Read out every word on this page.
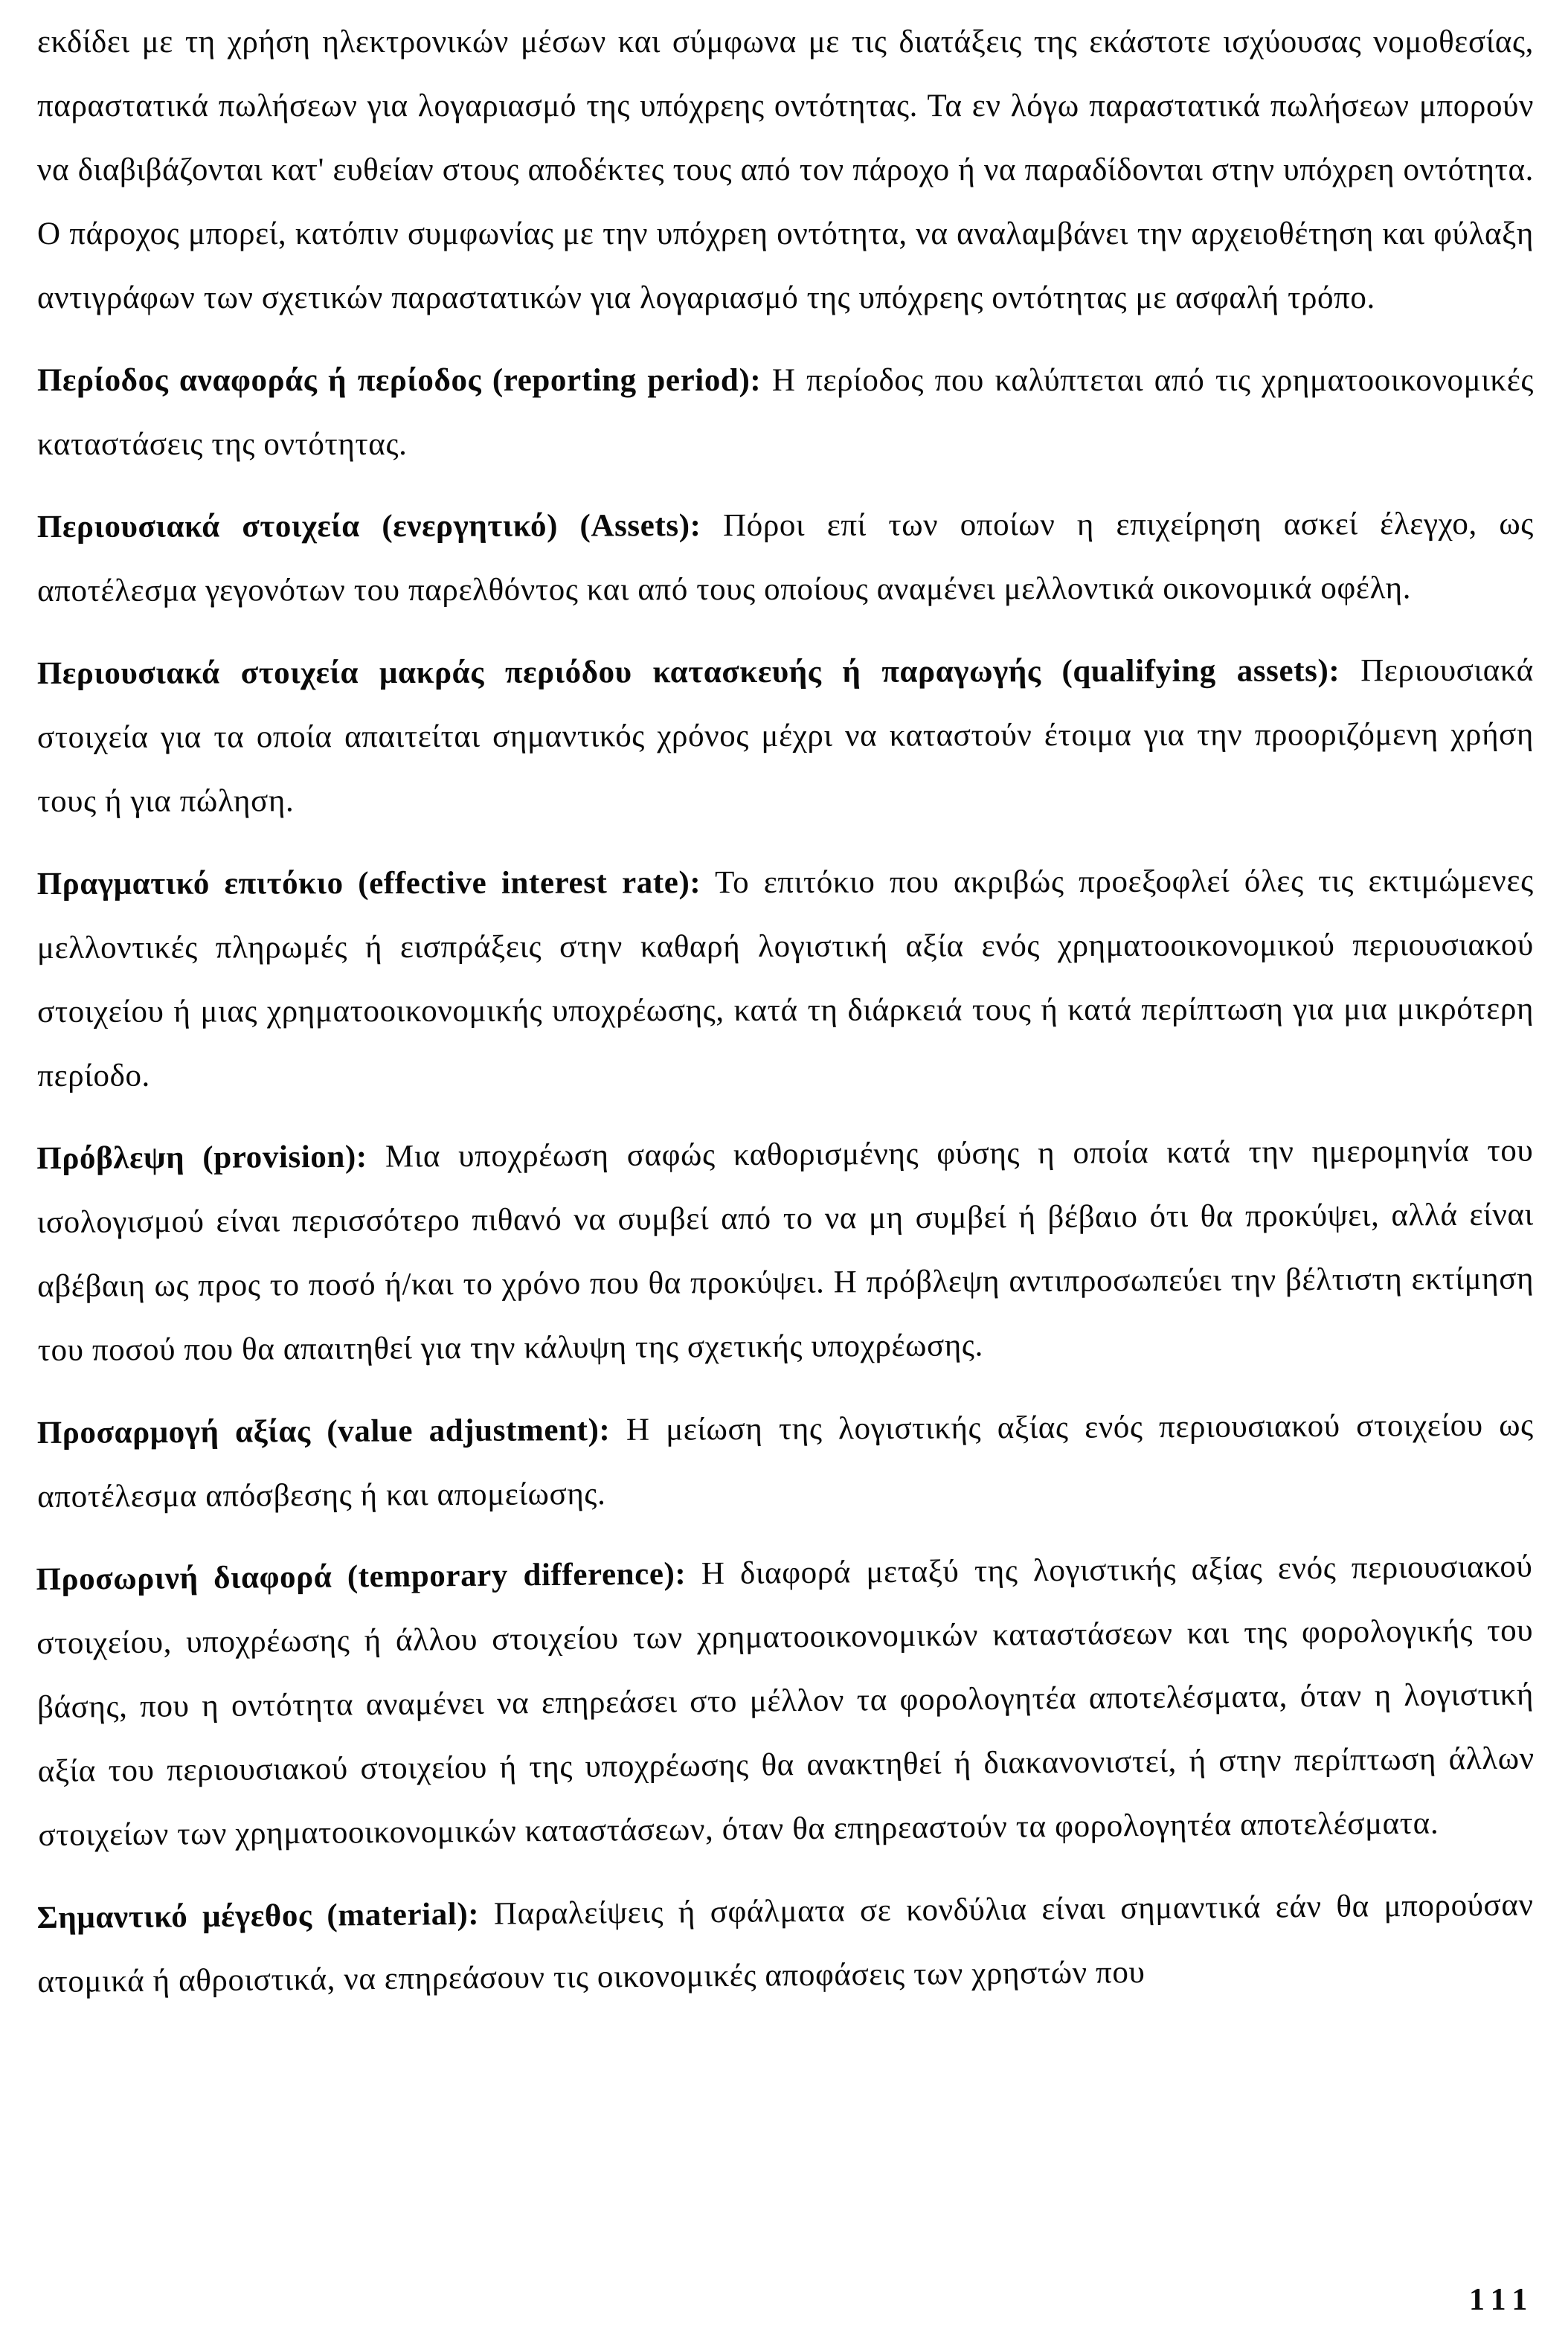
εκδίδει με τη χρήση ηλεκτρονικών μέσων και σύμφωνα με τις διατάξεις της εκάστοτε ισχύουσας νομοθεσίας, παραστατικά πωλήσεων για λογαριασμό της υπόχρεης οντότητας. Τα εν λόγω παραστατικά πωλήσεων μπορούν να διαβιβάζονται κατ' ευθείαν στους αποδέκτες τους από τον πάροχο ή να παραδίδονται στην υπόχρεη οντότητα. Ο πάροχος μπορεί, κατόπιν συμφωνίας με την υπόχρεη οντότητα, να αναλαμβάνει την αρχειοθέτηση και φύλαξη αντιγράφων των σχετικών παραστατικών για λογαριασμό της υπόχρεης οντότητας με ασφαλή τρόπο.

Περίοδος αναφοράς ή περίοδος (reporting period): Η περίοδος που καλύπτεται από τις χρηματοοικονομικές καταστάσεις της οντότητας.

Περιουσιακά στοιχεία (ενεργητικό) (Assets): Πόροι επί των οποίων η επιχείρηση ασκεί έλεγχο, ως αποτέλεσμα γεγονότων του παρελθόντος και από τους οποίους αναμένει μελλοντικά οικονομικά οφέλη.

Περιουσιακά στοιχεία μακράς περιόδου κατασκευής ή παραγωγής (qualifying assets): Περιουσιακά στοιχεία για τα οποία απαιτείται σημαντικός χρόνος μέχρι να καταστούν έτοιμα για την προοριζόμενη χρήση τους ή για πώληση.

Πραγματικό επιτόκιο (effective interest rate): Το επιτόκιο που ακριβώς προεξοφλεί όλες τις εκτιμώμενες μελλοντικές πληρωμές ή εισπράξεις στην καθαρή λογιστική αξία ενός χρηματοοικονομικού περιουσιακού στοιχείου ή μιας χρηματοοικονομικής υποχρέωσης, κατά τη διάρκειά τους ή κατά περίπτωση για μια μικρότερη περίοδο.

Πρόβλεψη (provision): Μια υποχρέωση σαφώς καθορισμένης φύσης η οποία κατά την ημερομηνία του ισολογισμού είναι περισσότερο πιθανό να συμβεί από το να μη συμβεί ή βέβαιο ότι θα προκύψει, αλλά είναι αβέβαιη ως προς το ποσό ή/και το χρόνο που θα προκύψει. Η πρόβλεψη αντιπροσωπεύει την βέλτιστη εκτίμηση του ποσού που θα απαιτηθεί για την κάλυψη της σχετικής υποχρέωσης.

Προσαρμογή αξίας (value adjustment): Η μείωση της λογιστικής αξίας ενός περιουσιακού στοιχείου ως αποτέλεσμα απόσβεσης ή και απομείωσης.

Προσωρινή διαφορά (temporary difference): Η διαφορά μεταξύ της λογιστικής αξίας ενός περιουσιακού στοιχείου, υποχρέωσης ή άλλου στοιχείου των χρηματοοικονομικών καταστάσεων και της φορολογικής του βάσης, που η οντότητα αναμένει να επηρεάσει στο μέλλον τα φορολογητέα αποτελέσματα, όταν η λογιστική αξία του περιουσιακού στοιχείου ή της υποχρέωσης θα ανακτηθεί ή διακανονιστεί, ή στην περίπτωση άλλων στοιχείων των χρηματοοικονομικών καταστάσεων, όταν θα επηρεαστούν τα φορολογητέα αποτελέσματα.

Σημαντικό μέγεθος (material): Παραλείψεις ή σφάλματα σε κονδύλια είναι σημαντικά εάν θα μπορούσαν ατομικά ή αθροιστικά, να επηρεάσουν τις οικονομικές αποφάσεις των χρηστών που

111
